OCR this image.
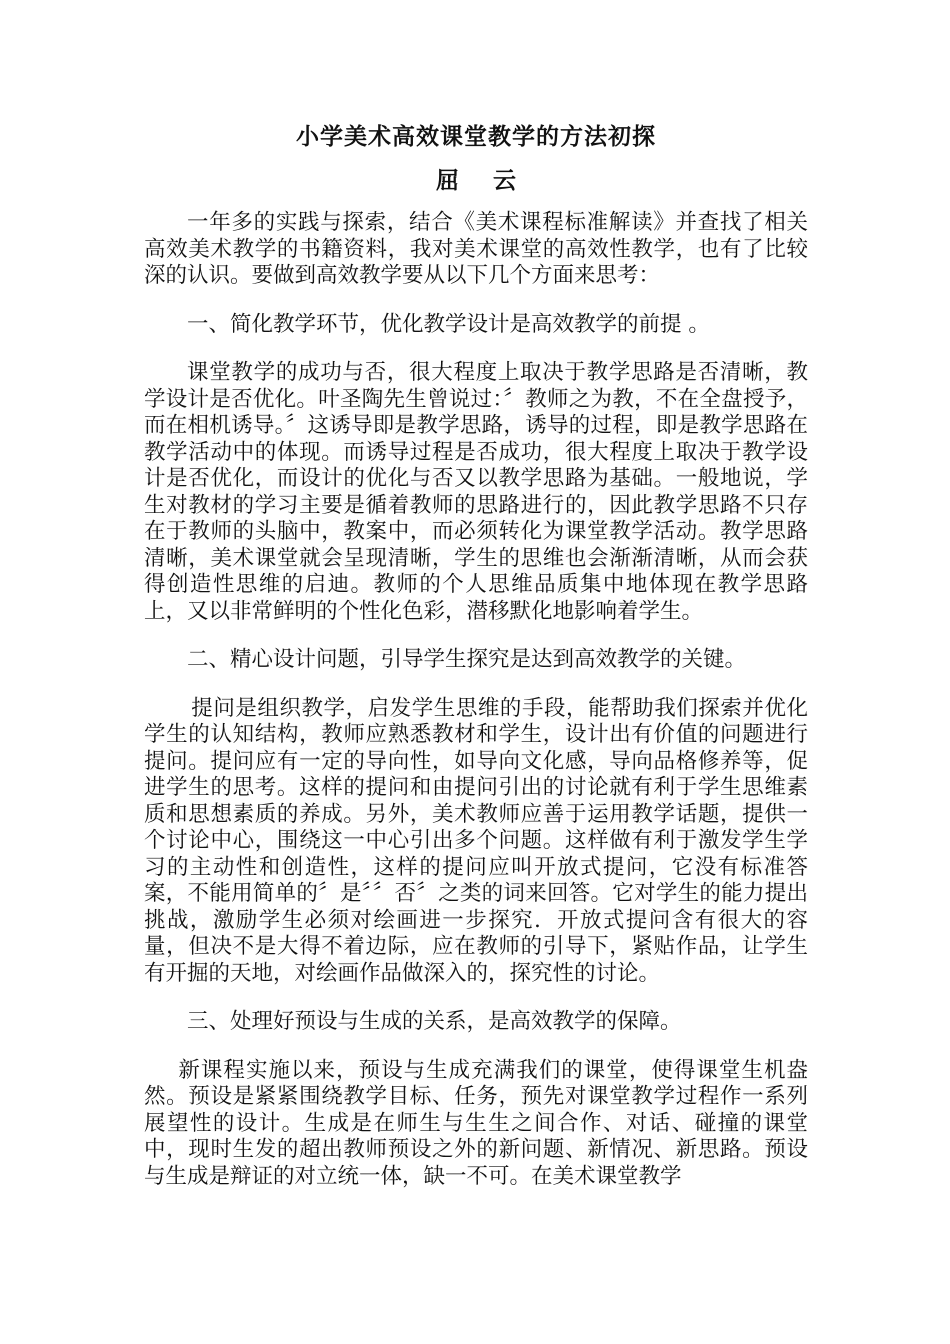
小学美术高效课堂教学的方法初探
屈云

一年多的实践与探索，结合《美术课程标准解读》并查找了相关高效美术教学的书籍资料，我对美术课堂的高效性教学，也有了比较深的认识。要做到高效教学要从以下几个方面来思考：

一、简化教学环节，优化教学设计是高效教学的前提 。

课堂教学的成功与否，很大程度上取决于教学思路是否清晰，教学设计是否优化。叶圣陶先生曾说过：〞教师之为教，不在全盘授予，而在相机诱导。〞这诱导即是教学思路，诱导的过程，即是教学思路在教学活动中的体现。而诱导过程是否成功，很大程度上取决于教学设计是否优化，而设计的优化与否又以教学思路为基础。一般地说，学生对教材的学习主要是循着教师的思路进行的，因此教学思路不只存在于教师的头脑中，教案中，而必须转化为课堂教学活动。教学思路清晰，美术课堂就会呈现清晰，学生的思维也会渐渐清晰，从而会获得创造性思维的启迪。教师的个人思维品质集中地体现在教学思路上，又以非常鲜明的个性化色彩，潜移默化地影响着学生。

二、精心设计问题，引导学生探究是达到高效教学的关键。

提问是组织教学，启发学生思维的手段，能帮助我们探索并优化学生的认知结构，教师应熟悉教材和学生，设计出有价值的问题进行提问。提问应有一定的导向性，如导向文化感，导向品格修养等，促进学生的思考。这样的提问和由提问引出的讨论就有利于学生思维素质和思想素质的养成。另外，美术教师应善于运用教学话题，提供一个讨论中心，围绕这一中心引出多个问题。这样做有利于激发学生学习的主动性和创造性，这样的提问应叫开放式提问，它没有标准答案，不能用简单的〞是〞〞否〞之类的词来回答。它对学生的能力提出挑战，激励学生必须对绘画进一步探究．开放式提问含有很大的容量，但决不是大得不着边际，应在教师的引导下，紧贴作品，让学生有开掘的天地，对绘画作品做深入的，探究性的讨论。

三、处理好预设与生成的关系，是高效教学的保障。

新课程实施以来，预设与生成充满我们的课堂，使得课堂生机盎然。预设是紧紧围绕教学目标、任务，预先对课堂教学过程作一系列展望性的设计。生成是在师生与生生之间合作、对话、碰撞的课堂中，现时生发的超出教师预设之外的新问题、新情况、新思路。预设与生成是辩证的对立统一体，缺一不可。在美术课堂教学
